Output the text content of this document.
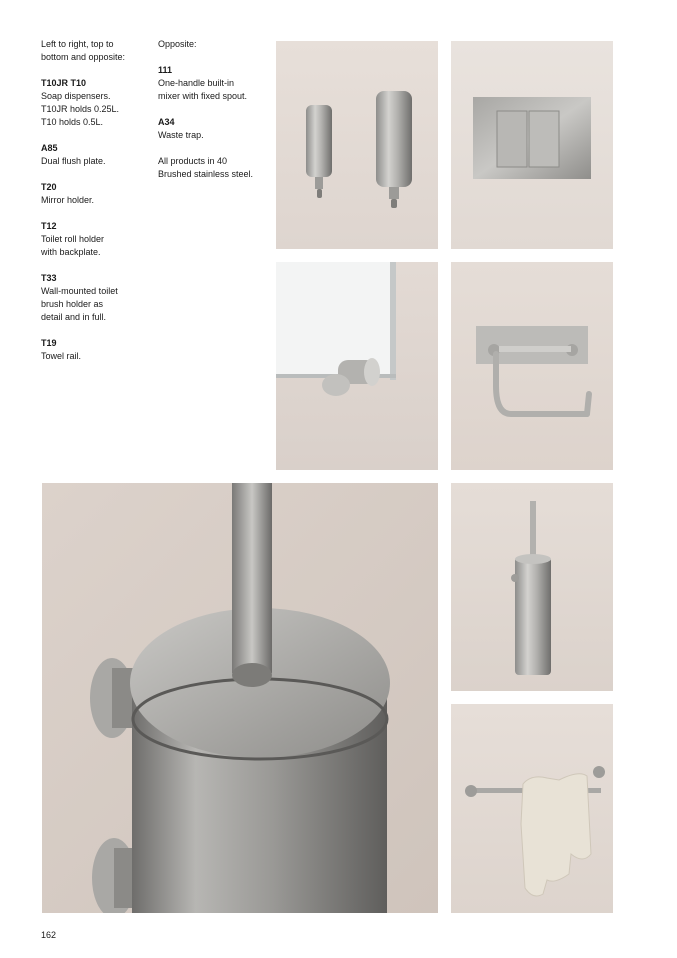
Left to right, top to
bottom and opposite:

T10JR T10
Soap dispensers.
T10JR holds 0.25L.
T10 holds 0.5L.

A85
Dual flush plate.

T20
Mirror holder.

T12
Toilet roll holder
with backplate.

T33
Wall-mounted toilet
brush holder as
detail and in full.

T19
Towel rail.

Opposite:

111
One-handle built-in
mixer with fixed spout.

A34
Waste trap.

All products in 40
Brushed stainless steel.

162
